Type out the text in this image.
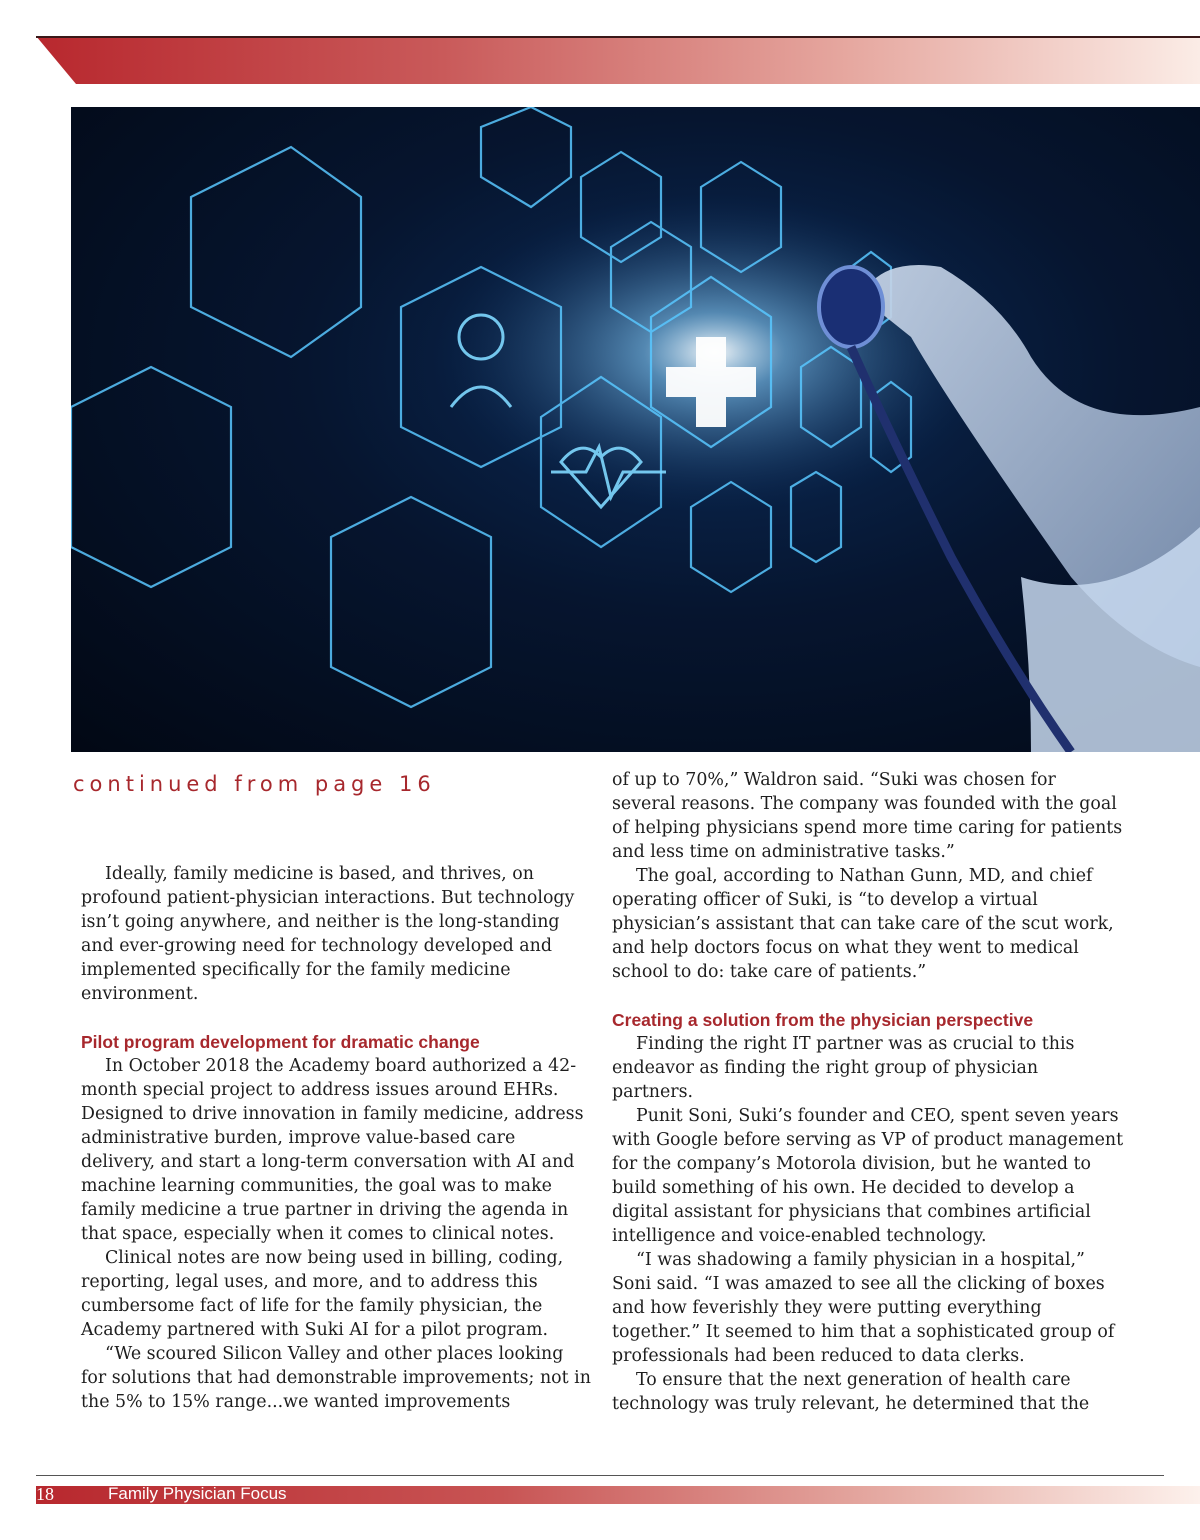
continued from page 16

Ideally, family medicine is based, and thrives, on profound patient-physician interactions. But technology isn’t going anywhere, and neither is the long-standing and ever-growing need for technology developed and implemented specifically for the family medicine environment.

Pilot program development for dramatic change

In October 2018 the Academy board authorized a 42-month special project to address issues around EHRs. Designed to drive innovation in family medicine, address administrative burden, improve value-based care delivery, and start a long-term conversation with AI and machine learning communities, the goal was to make family medicine a true partner in driving the agenda in that space, especially when it comes to clinical notes.

Clinical notes are now being used in billing, coding, reporting, legal uses, and more, and to address this cumbersome fact of life for the family physician, the Academy partnered with Suki AI for a pilot program.

“We scoured Silicon Valley and other places looking for solutions that had demonstrable improvements; not in the 5% to 15% range...we wanted improvements

of up to 70%,” Waldron said. “Suki was chosen for several reasons. The company was founded with the goal of helping physicians spend more time caring for patients and less time on administrative tasks.”

The goal, according to Nathan Gunn, MD, and chief operating officer of Suki, is “to develop a virtual physician’s assistant that can take care of the scut work, and help doctors focus on what they went to medical school to do: take care of patients.”

Creating a solution from the physician perspective

Finding the right IT partner was as crucial to this endeavor as finding the right group of physician partners.

Punit Soni, Suki’s founder and CEO, spent seven years with Google before serving as VP of product management for the company’s Motorola division, but he wanted to build something of his own. He decided to develop a digital assistant for physicians that combines artificial intelligence and voice-enabled technology.

“I was shadowing a family physician in a hospital,” Soni said. “I was amazed to see all the clicking of boxes and how feverishly they were putting everything together.” It seemed to him that a sophisticated group of professionals had been reduced to data clerks.

To ensure that the next generation of health care technology was truly relevant, he determined that the

18	Family Physician Focus
